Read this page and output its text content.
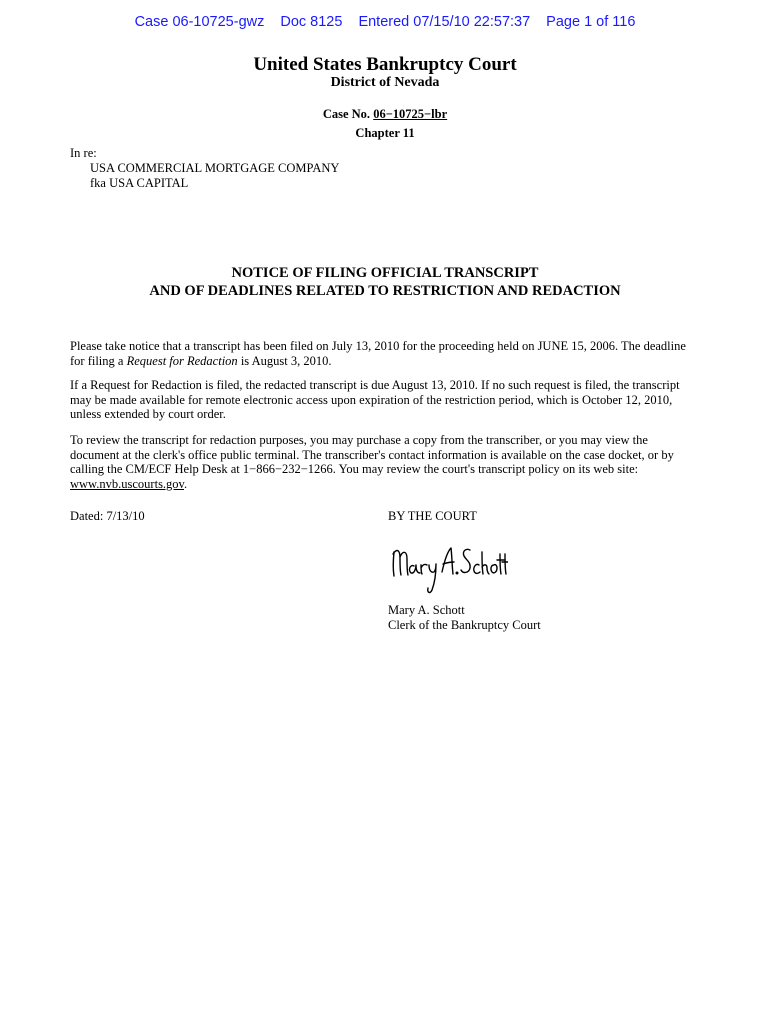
Case 06-10725-gwz Doc 8125 Entered 07/15/10 22:57:37 Page 1 of 116
United States Bankruptcy Court
District of Nevada
Case No. 06−10725−lbr
Chapter 11
In re:
USA COMMERCIAL MORTGAGE COMPANY
fka USA CAPITAL
NOTICE OF FILING OFFICIAL TRANSCRIPT
AND OF DEADLINES RELATED TO RESTRICTION AND REDACTION
Please take notice that a transcript has been filed on July 13, 2010 for the proceeding held on JUNE 15, 2006. The deadline for filing a Request for Redaction is August 3, 2010.
If a Request for Redaction is filed, the redacted transcript is due August 13, 2010. If no such request is filed, the transcript may be made available for remote electronic access upon expiration of the restriction period, which is October 12, 2010, unless extended by court order.
To review the transcript for redaction purposes, you may purchase a copy from the transcriber, or you may view the document at the clerk's office public terminal. The transcriber's contact information is available on the case docket, or by calling the CM/ECF Help Desk at 1−866−232−1266. You may review the court's transcript policy on its web site: www.nvb.uscourts.gov.
Dated: 7/13/10	BY THE COURT
Mary A. Schott
Clerk of the Bankruptcy Court
